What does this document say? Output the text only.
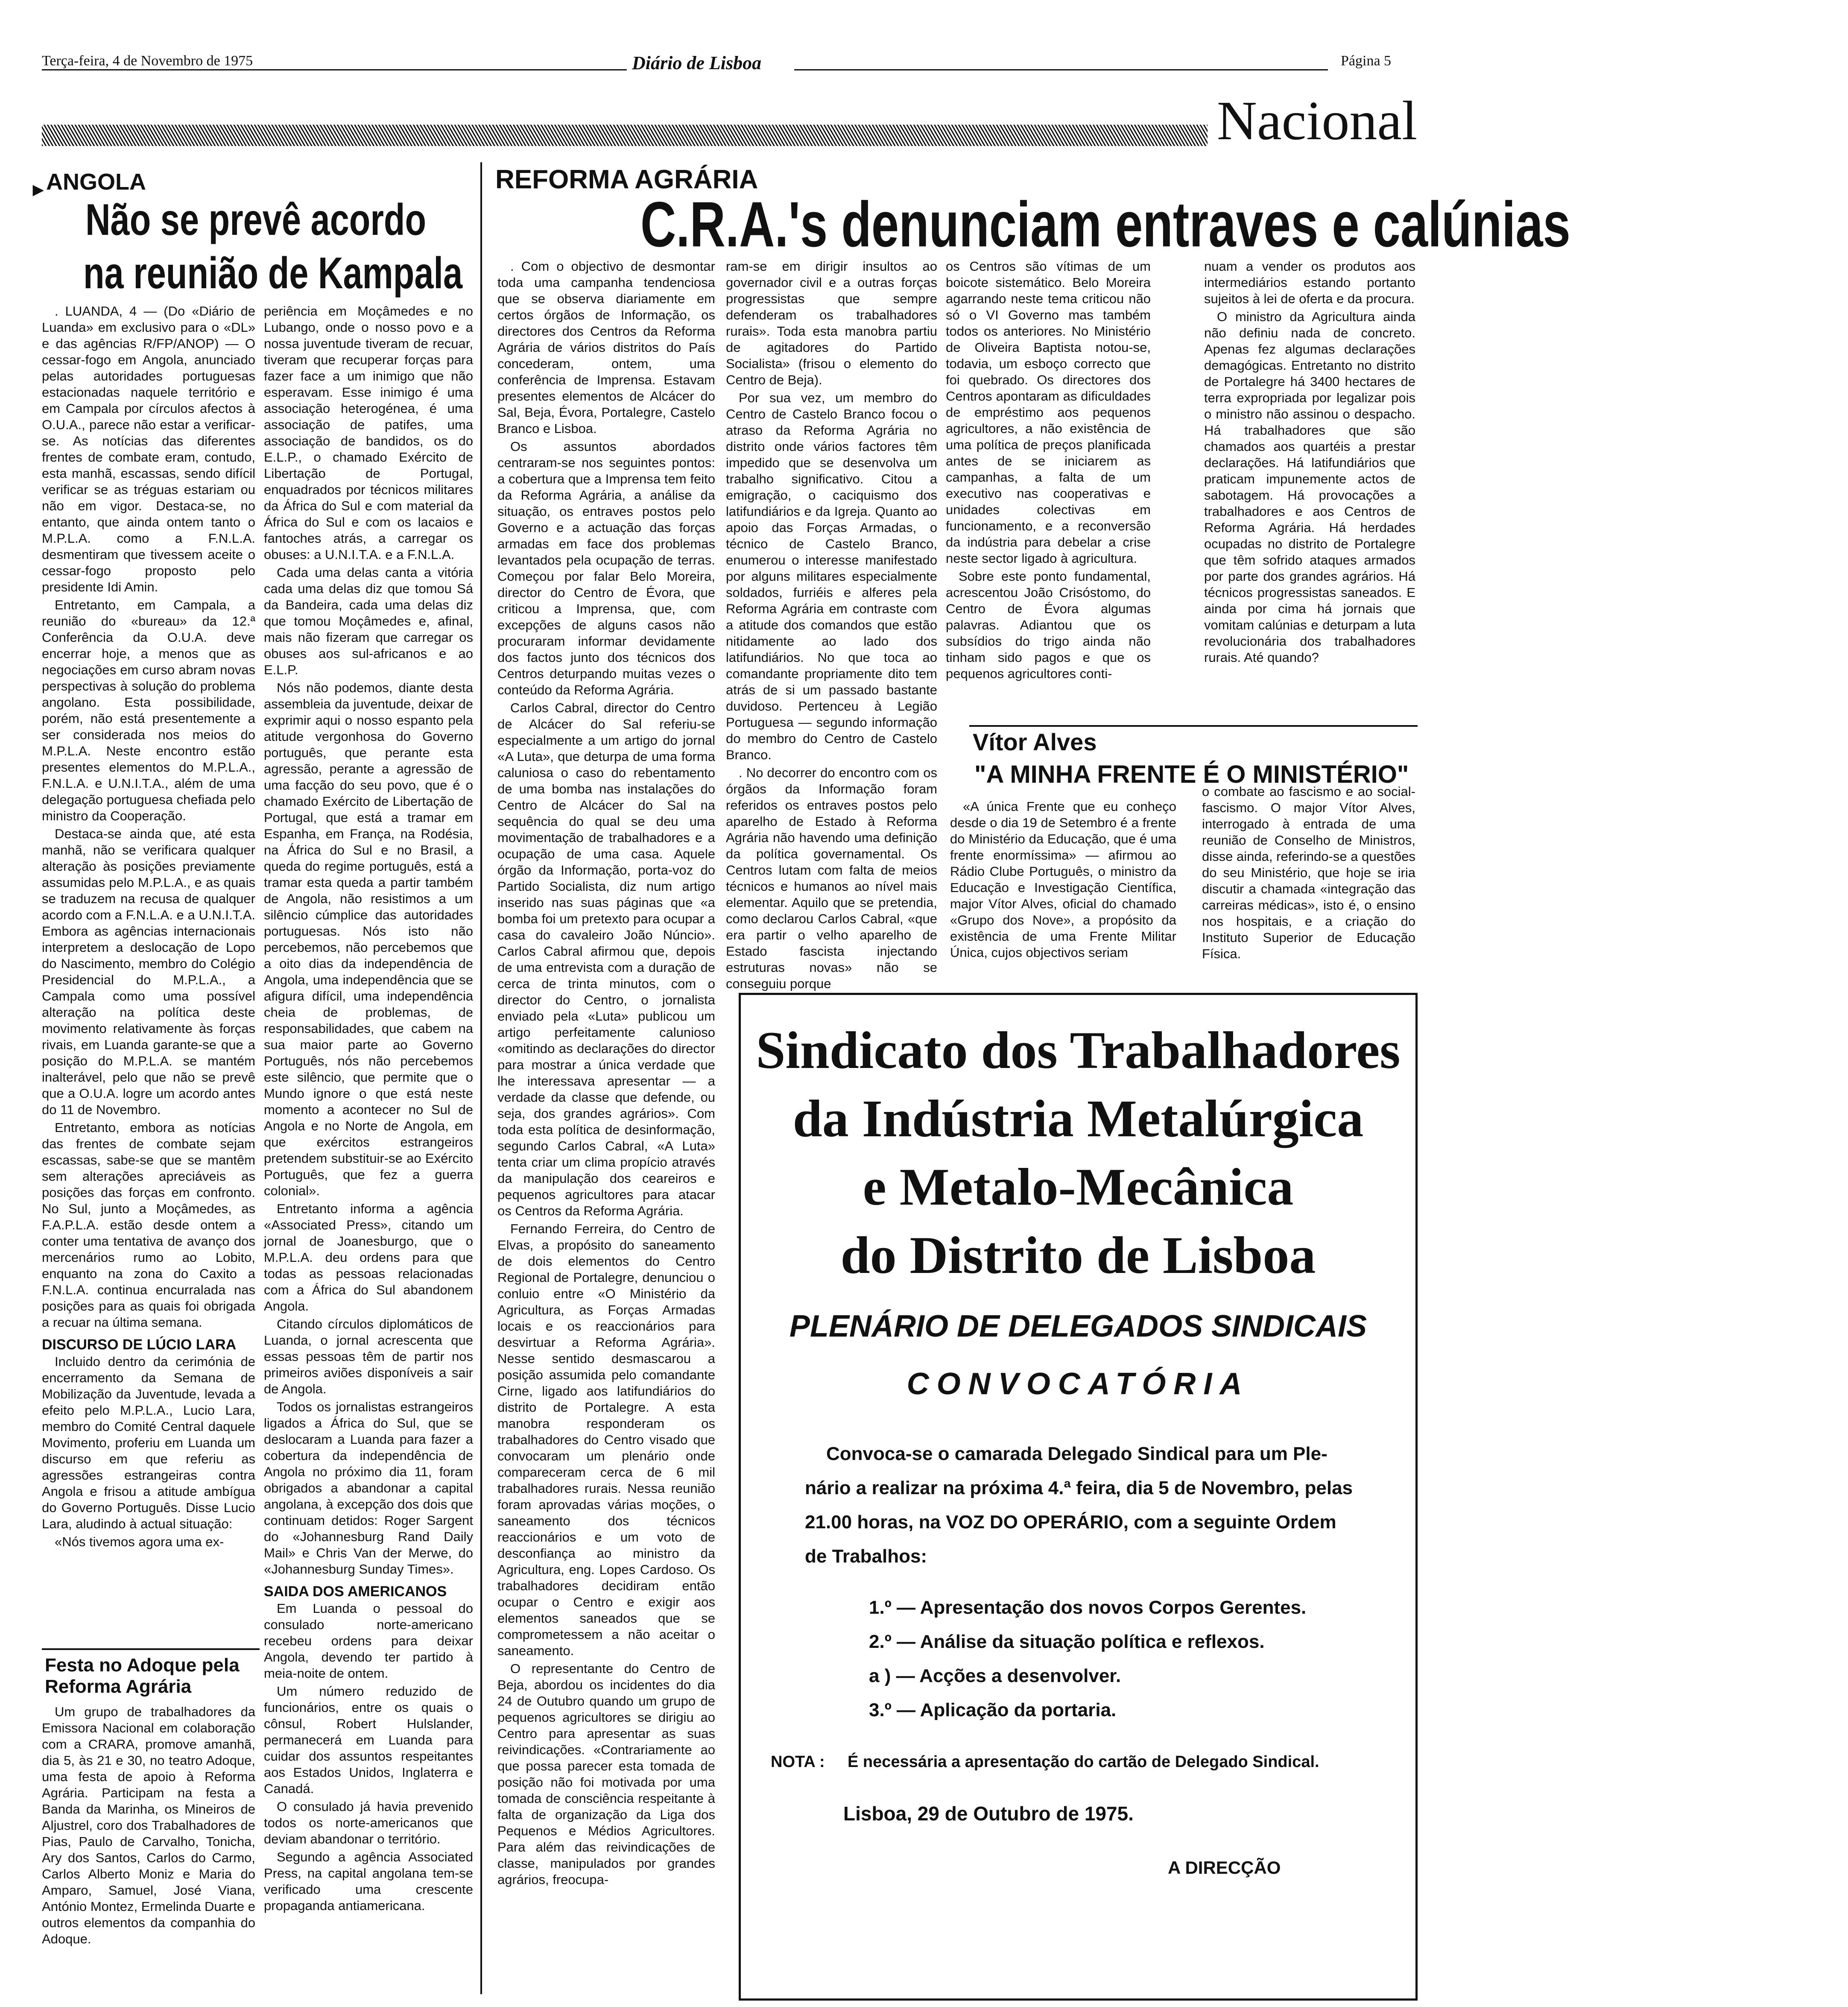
Terça-feira, 4 de Novembro de 1975	Diário de Lisboa	Página 5
Nacional
►
ANGOLA
Não se prevê acordo
na reunião de Kampala

. LUANDA, 4 — (Do «Diário de Luanda» em exclusivo para o «DL» e das agências R/FP/ANOP) — O cessar-fogo em Angola, anunciado pelas autoridades portuguesas estacionadas naquele território e em Campala por círculos afectos à O.U.A., parece não estar a verificar-se. As notícias das diferentes frentes de combate eram, contudo, esta manhã, escassas, sendo difícil verificar se as tréguas estariam ou não em vigor. Destaca-se, no entanto, que ainda ontem tanto o M.P.L.A. como a F.N.L.A. desmentiram que tivessem aceite o cessar-fogo proposto pelo presidente Idi Amin.

Entretanto, em Campala, a reunião do «bureau» da 12.ª Conferência da O.U.A. deve encerrar hoje, a menos que as negociações em curso abram novas perspectivas à solução do problema angolano. Esta possibilidade, porém, não está presentemente a ser considerada nos meios do M.P.L.A. Neste encontro estão presentes elementos do M.P.L.A., F.N.L.A. e U.N.I.T.A., além de uma delegação portuguesa chefiada pelo ministro da Cooperação.

Destaca-se ainda que, até esta manhã, não se verificara qualquer alteração às posições previamente assumidas pelo M.P.L.A., e as quais se traduzem na recusa de qualquer acordo com a F.N.L.A. e a U.N.I.T.A. Embora as agências internacionais interpretem a deslocação de Lopo do Nascimento, membro do Colégio Presidencial do M.P.L.A., a Campala como uma possível alteração na política deste movimento relativamente às forças rivais, em Luanda garante-se que a posição do M.P.L.A. se mantém inalterável, pelo que não se prevê que a O.U.A. logre um acordo antes do 11 de Novembro.

Entretanto, embora as notícias das frentes de combate sejam escassas, sabe-se que se mantêm sem alterações apreciáveis as posições das forças em confronto. No Sul, junto a Moçâmedes, as F.A.P.L.A. estão desde ontem a conter uma tentativa de avanço dos mercenários rumo ao Lobito, enquanto na zona do Caxito a F.N.L.A. continua encurralada nas posições para as quais foi obrigada a recuar na última semana.

DISCURSO DE LÚCIO LARA

Incluido dentro da cerimónia de encerramento da Semana de Mobilização da Juventude, levada a efeito pelo M.P.L.A., Lucio Lara, membro do Comité Central daquele Movimento, proferiu em Luanda um discurso em que referiu as agressões estrangeiras contra Angola e frisou a atitude ambígua do Governo Português. Disse Lucio Lara, aludindo à actual situação:

«Nós tivemos agora uma ex-

Festa no Adoque pela Reforma Agrária

Um grupo de trabalhadores da Emissora Nacional em colaboração com a CRARA, promove amanhã, dia 5, às 21 e 30, no teatro Adoque, uma festa de apoio à Reforma Agrária. Participam na festa a Banda da Marinha, os Mineiros de Aljustrel, coro dos Trabalhadores de Pias, Paulo de Carvalho, Tonicha, Ary dos Santos, Carlos do Carmo, Carlos Alberto Moniz e Maria do Amparo, Samuel, José Viana, António Montez, Ermelinda Duarte e outros elementos da companhia do Adoque.

periência em Moçâmedes e no Lubango, onde o nosso povo e a nossa juventude tiveram de recuar, tiveram que recuperar forças para fazer face a um inimigo que não esperavam. Esse inimigo é uma associação heterogénea, é uma associação de patifes, uma associação de bandidos, os do E.L.P., o chamado Exército de Libertação de Portugal, enquadrados por técnicos militares da África do Sul e com material da África do Sul e com os lacaios e fantoches atrás, a carregar os obuses: a U.N.I.T.A. e a F.N.L.A.

Cada uma delas canta a vitória cada uma delas diz que tomou Sá da Bandeira, cada uma delas diz que tomou Moçâmedes e, afinal, mais não fizeram que carregar os obuses aos sul-africanos e ao E.L.P.

Nós não podemos, diante desta assembleia da juventude, deixar de exprimir aqui o nosso espanto pela atitude vergonhosa do Governo português, que perante esta agressão, perante a agressão de uma facção do seu povo, que é o chamado Exército de Libertação de Portugal, que está a tramar em Espanha, em França, na Rodésia, na África do Sul e no Brasil, a queda do regime português, está a tramar esta queda a partir também de Angola, não resistimos a um silêncio cúmplice das autoridades portuguesas. Nós isto não percebemos, não percebemos que a oito dias da independência de Angola, uma independência que se afigura difícil, uma independência cheia de problemas, de responsabilidades, que cabem na sua maior parte ao Governo Português, nós não percebemos este silêncio, que permite que o Mundo ignore o que está neste momento a acontecer no Sul de Angola e no Norte de Angola, em que exércitos estrangeiros pretendem substituir-se ao Exército Português, que fez a guerra colonial».

Entretanto informa a agência «Associated Press», citando um jornal de Joanesburgo, que o M.P.L.A. deu ordens para que todas as pessoas relacionadas com a África do Sul abandonem Angola.

Citando círculos diplomáticos de Luanda, o jornal acrescenta que essas pessoas têm de partir nos primeiros aviões disponíveis a sair de Angola.

Todos os jornalistas estrangeiros ligados a África do Sul, que se deslocaram a Luanda para fazer a cobertura da independência de Angola no próximo dia 11, foram obrigados a abandonar a capital angolana, à excepção dos dois que continuam detidos: Roger Sargent do «Johannesburg Rand Daily Mail» e Chris Van der Merwe, do «Johannesburg Sunday Times».

SAIDA DOS AMERICANOS

Em Luanda o pessoal do consulado norte-americano recebeu ordens para deixar Angola, devendo ter partido à meia-noite de ontem.

Um número reduzido de funcionários, entre os quais o cônsul, Robert Hulslander, permanecerá em Luanda para cuidar dos assuntos respeitantes aos Estados Unidos, Inglaterra e Canadá.

O consulado já havia prevenido todos os norte-americanos que deviam abandonar o território.

Segundo a agência Associated Press, na capital angolana tem-se verificado uma crescente propaganda antiamericana.

REFORMA AGRÁRIA
C.R.A.'s denunciam entraves e calúnias

. Com o objectivo de desmontar toda uma campanha tendenciosa que se observa diariamente em certos órgãos de Informação, os directores dos Centros da Reforma Agrária de vários distritos do País concederam, ontem, uma conferência de Imprensa. Estavam presentes elementos de Alcácer do Sal, Beja, Évora, Portalegre, Castelo Branco e Lisboa.

Os assuntos abordados centraram-se nos seguintes pontos: a cobertura que a Imprensa tem feito da Reforma Agrária, a análise da situação, os entraves postos pelo Governo e a actuação das forças armadas em face dos problemas levantados pela ocupação de terras. Começou por falar Belo Moreira, director do Centro de Évora, que criticou a Imprensa, que, com excepções de alguns casos não procuraram informar devidamente dos factos junto dos técnicos dos Centros deturpando muitas vezes o conteúdo da Reforma Agrária.

Carlos Cabral, director do Centro de Alcácer do Sal referiu-se especialmente a um artigo do jornal «A Luta», que deturpa de uma forma caluniosa o caso do rebentamento de uma bomba nas instalações do Centro de Alcácer do Sal na sequência do qual se deu uma movimentação de trabalhadores e a ocupação de uma casa. Aquele órgão da Informação, porta-voz do Partido Socialista, diz num artigo inserido nas suas páginas que «a bomba foi um pretexto para ocupar a casa do cavaleiro João Núncio». Carlos Cabral afirmou que, depois de uma entrevista com a duração de cerca de trinta minutos, com o director do Centro, o jornalista enviado pela «Luta» publicou um artigo perfeitamente calunioso «omitindo as declarações do director para mostrar a única verdade que lhe interessava apresentar — a verdade da classe que defende, ou seja, dos grandes agrários». Com toda esta política de desinformação, segundo Carlos Cabral, «A Luta» tenta criar um clima propício através da manipulação dos ceareiros e pequenos agricultores para atacar os Centros da Reforma Agrária.

Fernando Ferreira, do Centro de Elvas, a propósito do saneamento de dois elementos do Centro Regional de Portalegre, denunciou o conluio entre «O Ministério da Agricultura, as Forças Armadas locais e os reaccionários para desvirtuar a Reforma Agrária». Nesse sentido desmascarou a posição assumida pelo comandante Cirne, ligado aos latifundiários do distrito de Portalegre. A esta manobra responderam os trabalhadores do Centro visado que convocaram um plenário onde compareceram cerca de 6 mil trabalhadores rurais. Nessa reunião foram aprovadas várias moções, o saneamento dos técnicos reaccionários e um voto de desconfiança ao ministro da Agricultura, eng. Lopes Cardoso. Os trabalhadores decidiram então ocupar o Centro e exigir aos elementos saneados que se comprometessem a não aceitar o saneamento.

O representante do Centro de Beja, abordou os incidentes do dia 24 de Outubro quando um grupo de pequenos agricultores se dirigiu ao Centro para apresentar as suas reivindicações. «Contrariamente ao que possa parecer esta tomada de posição não foi motivada por uma tomada de consciência respeitante à falta de organização da Liga dos Pequenos e Médios Agricultores. Para além das reivindicações de classe, manipulados por grandes agrários, freocupa-

ram-se em dirigir insultos ao governador civil e a outras forças progressistas que sempre defenderam os trabalhadores rurais». Toda esta manobra partiu de agitadores do Partido Socialista» (frisou o elemento do Centro de Beja).

Por sua vez, um membro do Centro de Castelo Branco focou o atraso da Reforma Agrária no distrito onde vários factores têm impedido que se desenvolva um trabalho significativo. Citou a emigração, o caciquismo dos latifundiários e da Igreja. Quanto ao apoio das Forças Armadas, o técnico de Castelo Branco, enumerou o interesse manifestado por alguns militares especialmente soldados, furriéis e alferes pela Reforma Agrária em contraste com a atitude dos comandos que estão nitidamente ao lado dos latifundiários. No que toca ao comandante propriamente dito tem atrás de si um passado bastante duvidoso. Pertenceu à Legião Portuguesa — segundo informação do membro do Centro de Castelo Branco.

. No decorrer do encontro com os órgãos da Informação foram referidos os entraves postos pelo aparelho de Estado à Reforma Agrária não havendo uma definição da política governamental. Os Centros lutam com falta de meios técnicos e humanos ao nível mais elementar. Aquilo que se pretendia, como declarou Carlos Cabral, «que era partir o velho aparelho de Estado fascista injectando estruturas novas» não se conseguiu porque

os Centros são vítimas de um boicote sistemático. Belo Moreira agarrando neste tema criticou não só o VI Governo mas também todos os anteriores. No Ministério de Oliveira Baptista notou-se, todavia, um esboço correcto que foi quebrado. Os directores dos Centros apontaram as dificuldades de empréstimo aos pequenos agricultores, a não existência de uma política de preços planificada antes de se iniciarem as campanhas, a falta de um executivo nas cooperativas e unidades colectivas em funcionamento, e a reconversão da indústria para debelar a crise neste sector ligado à agricultura.

Sobre este ponto fundamental, acrescentou João Crisóstomo, do Centro de Évora algumas palavras. Adiantou que os subsídios do trigo ainda não tinham sido pagos e que os pequenos agricultores conti-

nuam a vender os produtos aos intermediários estando portanto sujeitos à lei de oferta e da procura.

O ministro da Agricultura ainda não definiu nada de concreto. Apenas fez algumas declarações demagógicas. Entretanto no distrito de Portalegre há 3400 hectares de terra expropriada por legalizar pois o ministro não assinou o despacho. Há trabalhadores que são chamados aos quartéis a prestar declarações. Há latifundiários que praticam impunemente actos de sabotagem. Há provocações a trabalhadores e aos Centros de Reforma Agrária. Há herdades ocupadas no distrito de Portalegre que têm sofrido ataques armados por parte dos grandes agrários. Há técnicos progressistas saneados. E ainda por cima há jornais que vomitam calúnias e deturpam a luta revolucionária dos trabalhadores rurais. Até quando?

Vítor Alves
"A MINHA FRENTE É O MINISTÉRIO"

«A única Frente que eu conheço desde o dia 19 de Setembro é a frente do Ministério da Educação, que é uma frente enormíssima» — afirmou ao Rádio Clube Português, o ministro da Educação e Investigação Científica, major Vítor Alves, oficial do chamado «Grupo dos Nove», a propósito da existência de uma Frente Militar Única, cujos objectivos seriam

o combate ao fascismo e ao social-fascismo. O major Vítor Alves, interrogado à entrada de uma reunião de Conselho de Ministros, disse ainda, referindo-se a questões do seu Ministério, que hoje se iria discutir a chamada «integração das carreiras médicas», isto é, o ensino nos hospitais, e a criação do Instituto Superior de Educação Física.

Sindicato dos Trabalhadores
da Indústria Metalúrgica
e Metalo-Mecânica
do Distrito de Lisboa
PLENÁRIO DE DELEGADOS SINDICAIS
CONVOCATÓRIA
Convoca-se o camarada Delegado Sindical para um Ple-
nário a realizar na próxima 4.ª feira, dia 5 de Novembro, pelas
21.00 horas, na VOZ DO OPERÁRIO, com a seguinte Ordem
de Trabalhos:
1.º — Apresentação dos novos Corpos Gerentes.
2.º — Análise da situação política e reflexos.
a ) — Acções a desenvolver.
3.º — Aplicação da portaria.
NOTA : É necessária a apresentação do cartão de Delegado Sindical.
Lisboa, 29 de Outubro de 1975.
A DIRECÇÃO
